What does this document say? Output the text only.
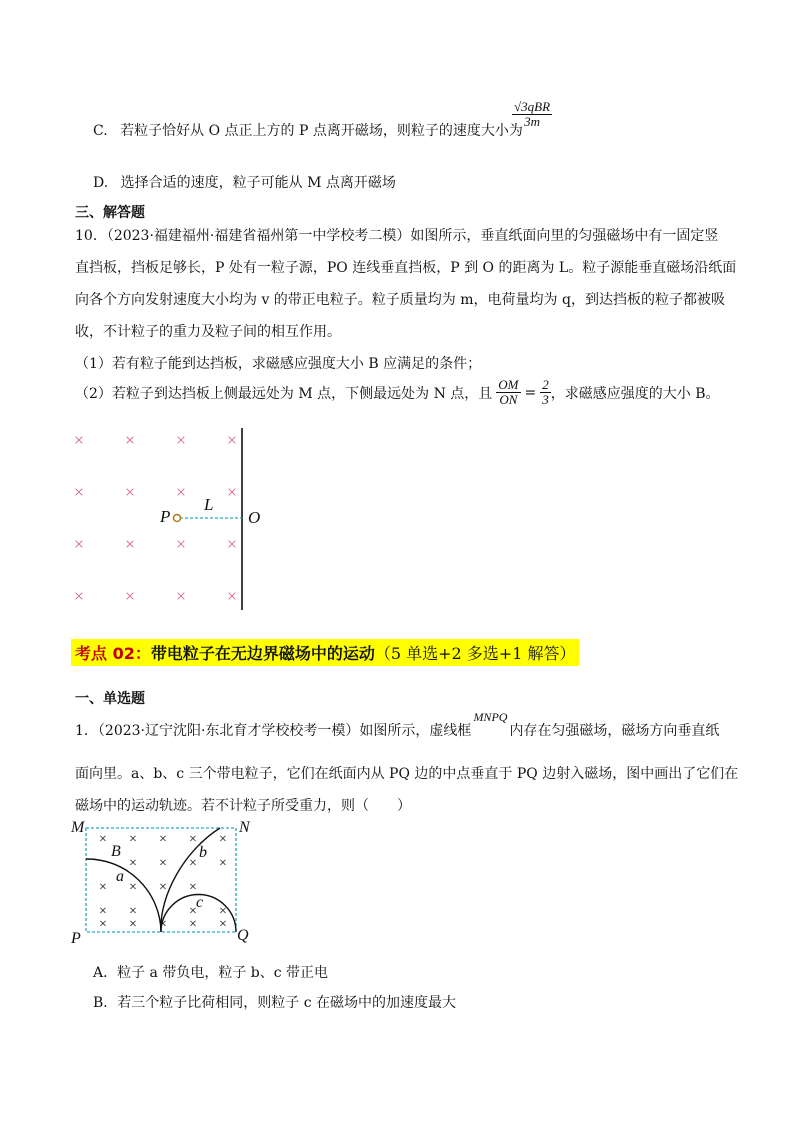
C. 若粒子恰好从 O 点正上方的 P 点离开磁场，则粒子的速度大小为
√3qBR
3m
D. 选择合适的速度，粒子可能从 M 点离开磁场
三、解答题
10．（2023·福建福州·福建省福州第一中学校考二模）如图所示，垂直纸面向里的匀强磁场中有一固定竖
直挡板，挡板足够长，P 处有一粒子源，PO 连线垂直挡板，P 到 O 的距离为 L。粒子源能垂直磁场沿纸面
向各个方向发射速度大小均为 v 的带正电粒子。粒子质量均为 m，电荷量均为 q，到达挡板的粒子都被吸
收，不计粒子的重力及粒子间的相互作用。
（1）若有粒子能到达挡板，求磁感应强度大小 B 应满足的条件；
（2）若粒子到达挡板上侧最远处为 M 点，下侧最远处为 N 点，且 $\frac{OM}{ON} = \frac{2}{3}$ ，求磁感应强度的大小 B。
× × × ×
× × × ×
× × × ×
× × × ×
P
L
O
考点 02：带电粒子在无边界磁场中的运动（5 单选+2 多选+1 解答）
一、单选题
1．（2023·辽宁沈阳·东北育才学校校考一模）如图所示，虚线框MNPQ内存在匀强磁场，磁场方向垂直纸
面向里。a、b、c 三个带电粒子，它们在纸面内从 PQ 边的中点垂直于 PQ 边射入磁场，图中画出了它们在
磁场中的运动轨迹。若不计粒子所受重力，则（　　）
× × × × ×
× × × ×
× × × ×
× ×	× ×
× × × × ×
M	N
P	Q
B
a
b
c
A．粒子 a 带负电，粒子 b、c 带正电
B．若三个粒子比荷相同，则粒子 c 在磁场中的加速度最大
